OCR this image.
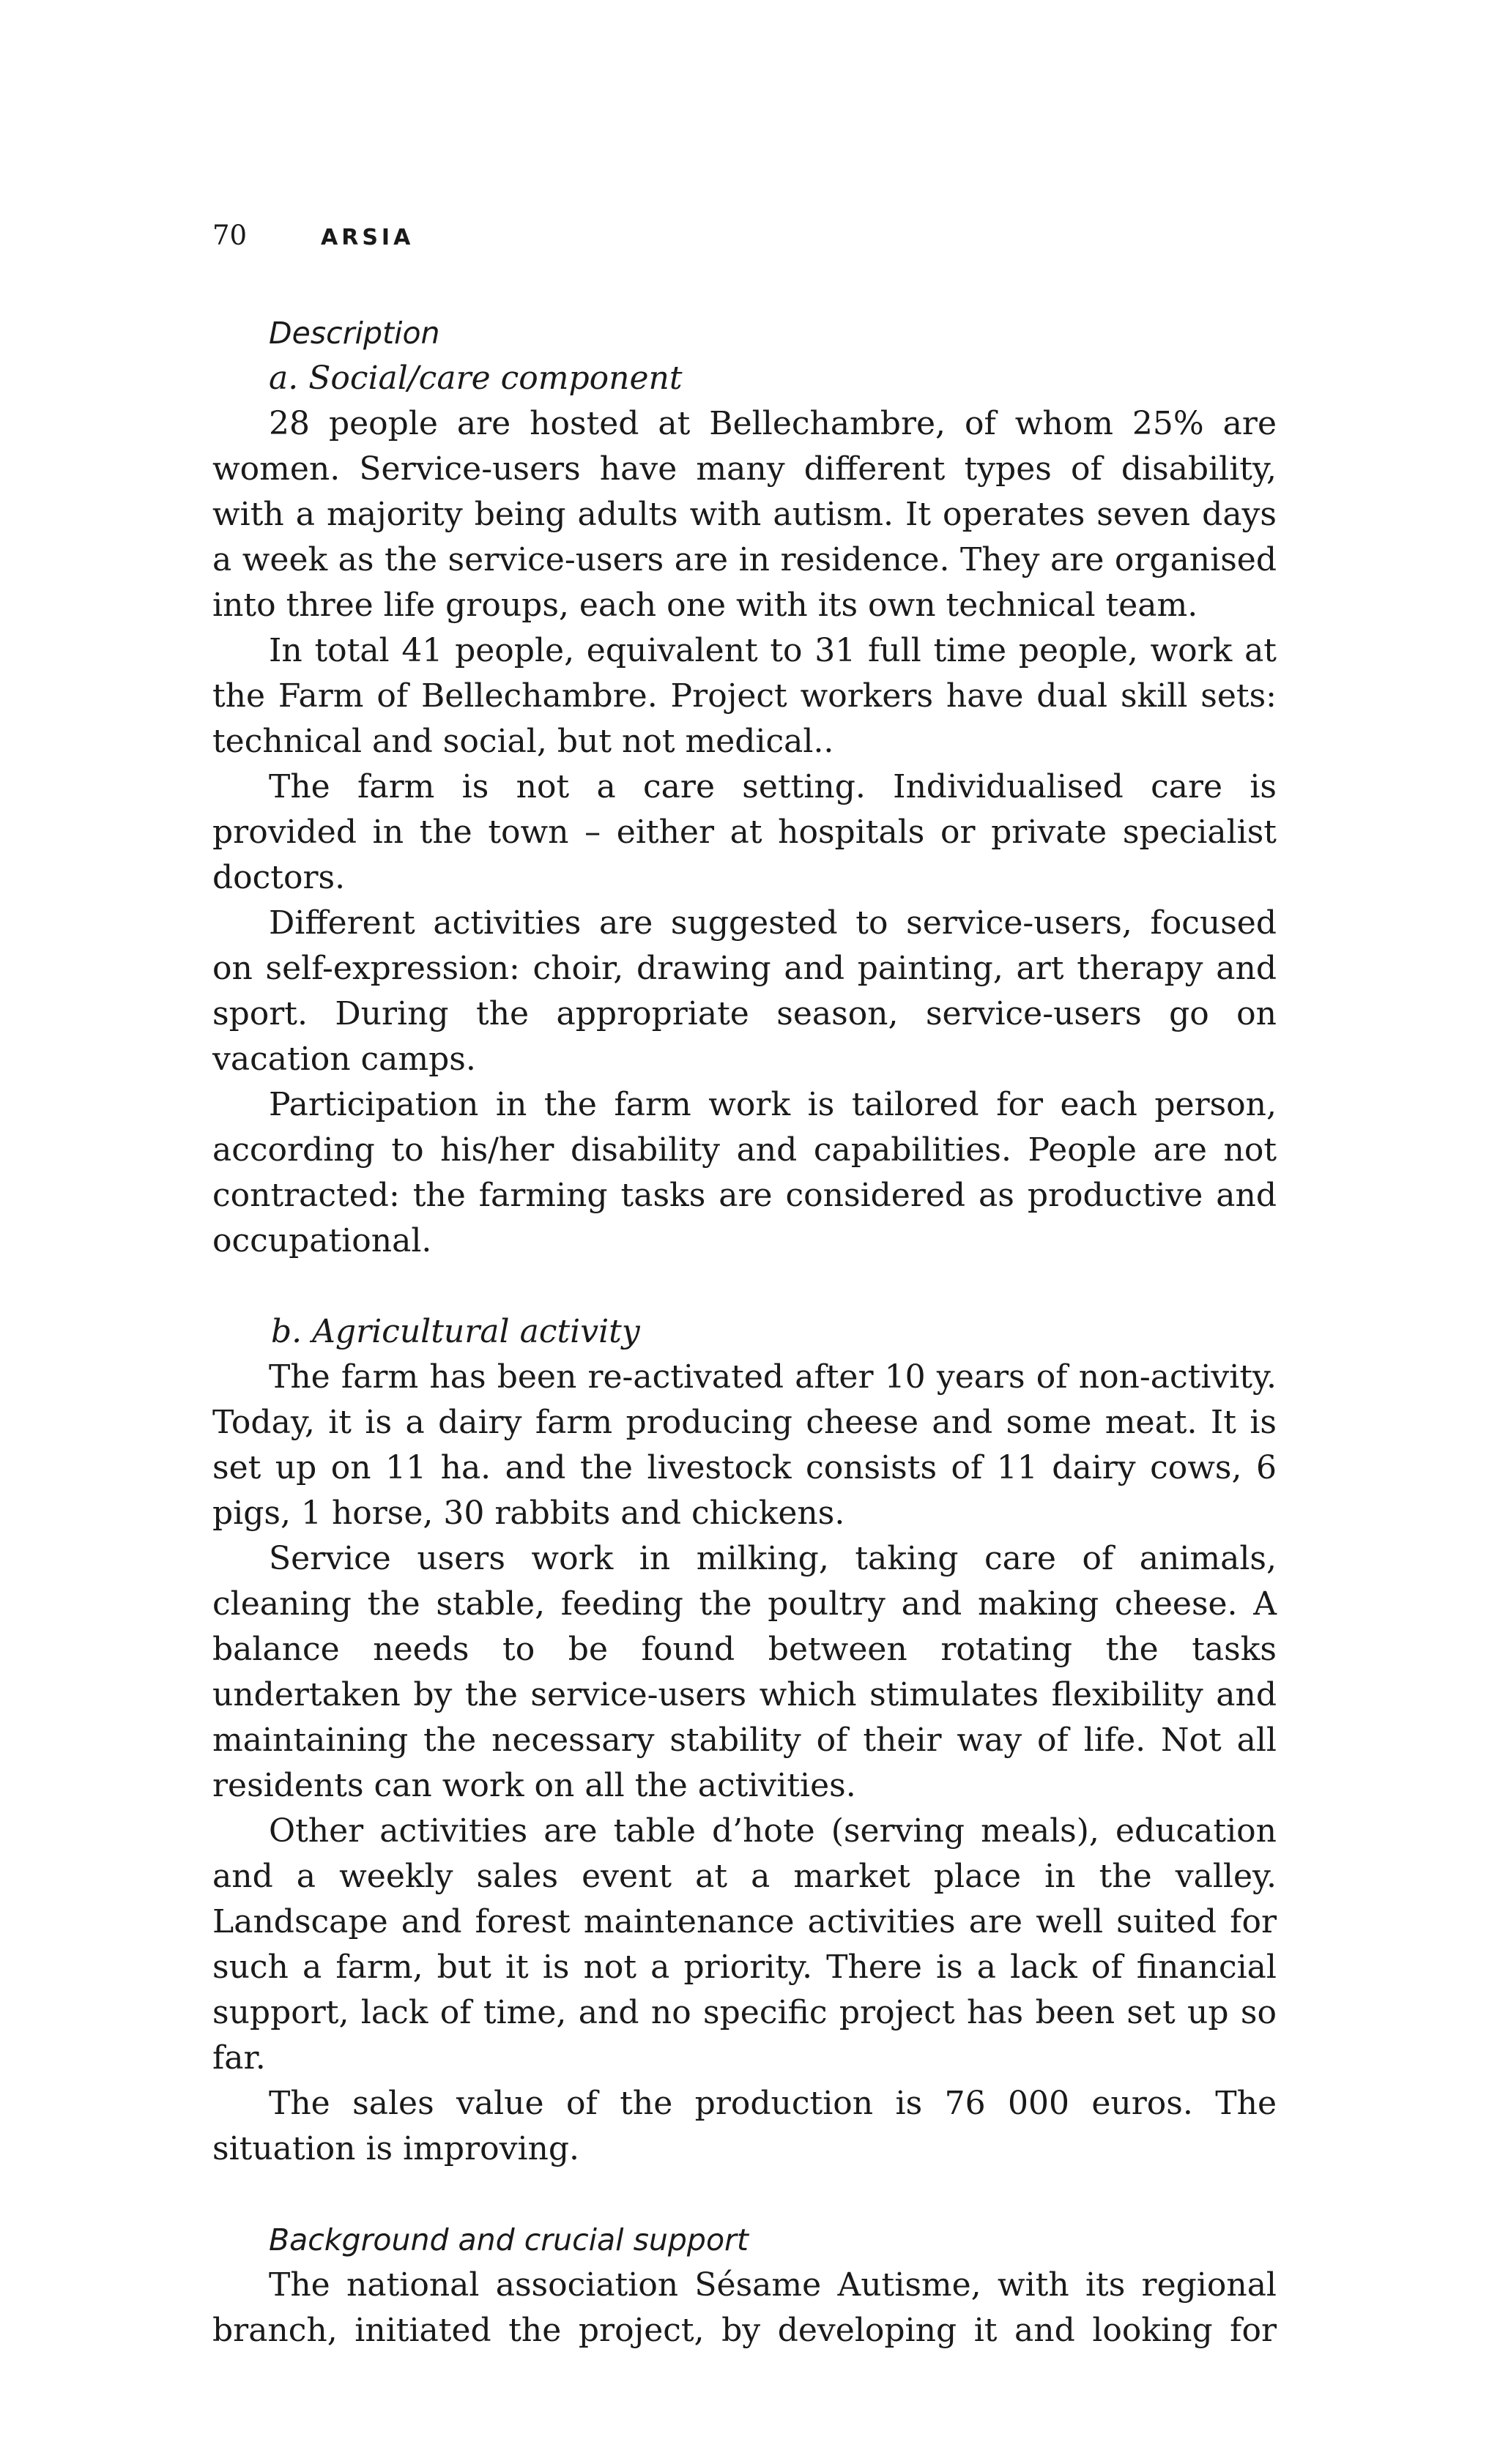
70	ARSIA
Description
a. Social/care component

28 people are hosted at Bellechambre, of whom 25% are women. Service-users have many different types of disability, with a majority being adults with autism. It operates seven days a week as the service-users are in residence. They are organised into three life groups, each one with its own technical team.

In total 41 people, equivalent to 31 full time people, work at the Farm of Bellechambre. Project workers have dual skill sets: technical and social, but not medical..

The farm is not a care setting. Individualised care is provided in the town – either at hospitals or private specialist doctors.

Different activities are suggested to service-users, focused on self-expression: choir, drawing and painting, art therapy and sport. During the appropriate season, service-users go on vacation camps.

Participation in the farm work is tailored for each person, according to his/her disability and capabilities. People are not contracted: the farming tasks are considered as productive and occupational.

b. Agricultural activity

The farm has been re-activated after 10 years of non-activity. Today, it is a dairy farm producing cheese and some meat. It is set up on 11 ha. and the livestock consists of 11 dairy cows, 6 pigs, 1 horse, 30 rabbits and chickens.

Service users work in milking, taking care of animals, cleaning the stable, feeding the poultry and making cheese. A balance needs to be found between rotating the tasks undertaken by the service-users which stimulates flexibility and maintaining the necessary stability of their way of life. Not all residents can work on all the activities.

Other activities are table d’hote (serving meals), education and a weekly sales event at a market place in the valley. Landscape and forest maintenance activities are well suited for such a farm, but it is not a priority. There is a lack of financial support, lack of time, and no specific project has been set up so far.

The sales value of the production is 76 000 euros. The situation is improving.

Background and crucial support

The national association Sésame Autisme, with its regional branch, initiated the project, by developing it and looking for
